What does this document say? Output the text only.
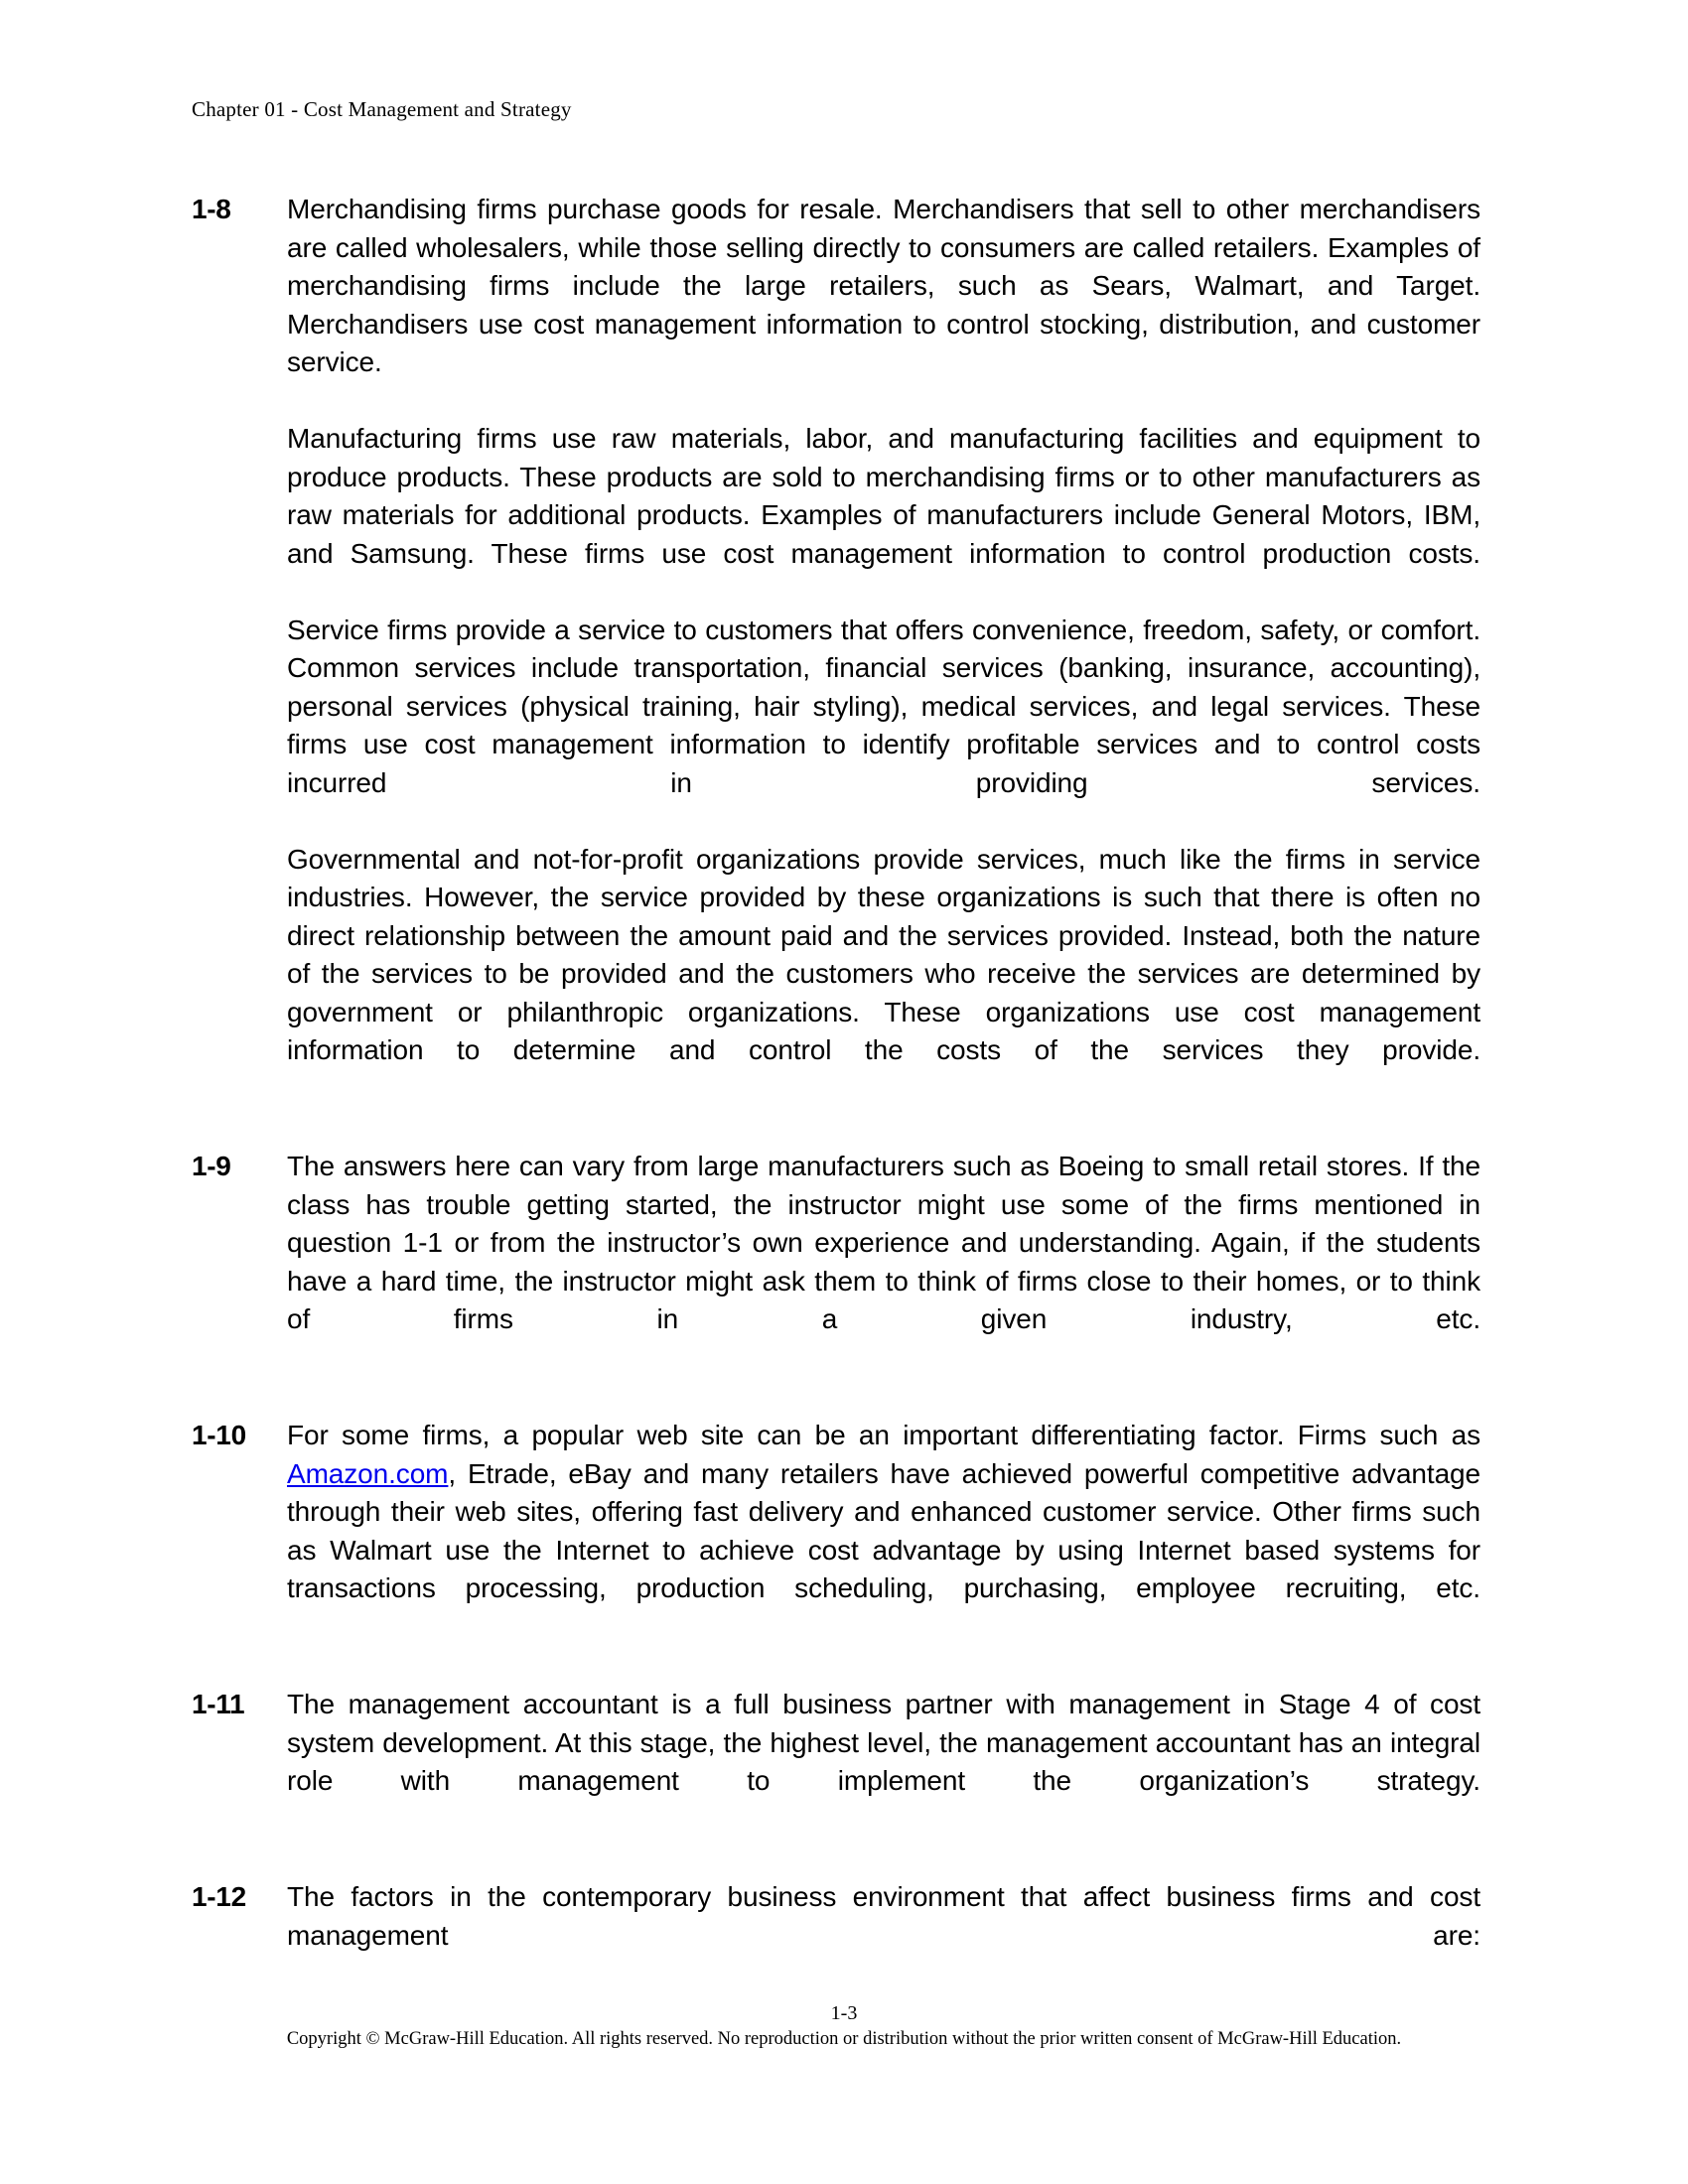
Chapter 01 - Cost Management and Strategy
1-8	Merchandising firms purchase goods for resale. Merchandisers that sell to other merchandisers are called wholesalers, while those selling directly to consumers are called retailers. Examples of merchandising firms include the large retailers, such as Sears, Walmart, and Target. Merchandisers use cost management information to control stocking, distribution, and customer service.

Manufacturing firms use raw materials, labor, and manufacturing facilities and equipment to produce products. These products are sold to merchandising firms or to other manufacturers as raw materials for additional products. Examples of manufacturers include General Motors, IBM, and Samsung. These firms use cost management information to control production costs.

Service firms provide a service to customers that offers convenience, freedom, safety, or comfort. Common services include transportation, financial services (banking, insurance, accounting), personal services (physical training, hair styling), medical services, and legal services. These firms use cost management information to identify profitable services and to control costs incurred in providing services.

Governmental and not-for-profit organizations provide services, much like the firms in service industries. However, the service provided by these organizations is such that there is often no direct relationship between the amount paid and the services provided. Instead, both the nature of the services to be provided and the customers who receive the services are determined by government or philanthropic organizations. These organizations use cost management information to determine and control the costs of the services they provide.

1-9	The answers here can vary from large manufacturers such as Boeing to small retail stores. If the class has trouble getting started, the instructor might use some of the firms mentioned in question 1-1 or from the instructor’s own experience and understanding. Again, if the students have a hard time, the instructor might ask them to think of firms close to their homes, or to think of firms in a given industry, etc.

1-10	For some firms, a popular web site can be an important differentiating factor. Firms such as Amazon.com, Etrade, eBay and many retailers have achieved powerful competitive advantage through their web sites, offering fast delivery and enhanced customer service. Other firms such as Walmart use the Internet to achieve cost advantage by using Internet based systems for transactions processing, production scheduling, purchasing, employee recruiting, etc.

1-11	The management accountant is a full business partner with management in Stage 4 of cost system development. At this stage, the highest level, the management accountant has an integral role with management to implement the organization’s strategy.

1-12	The factors in the contemporary business environment that affect business firms and cost management are:

1-3
Copyright © McGraw-Hill Education. All rights reserved. No reproduction or distribution without the prior written consent of McGraw-Hill Education.
